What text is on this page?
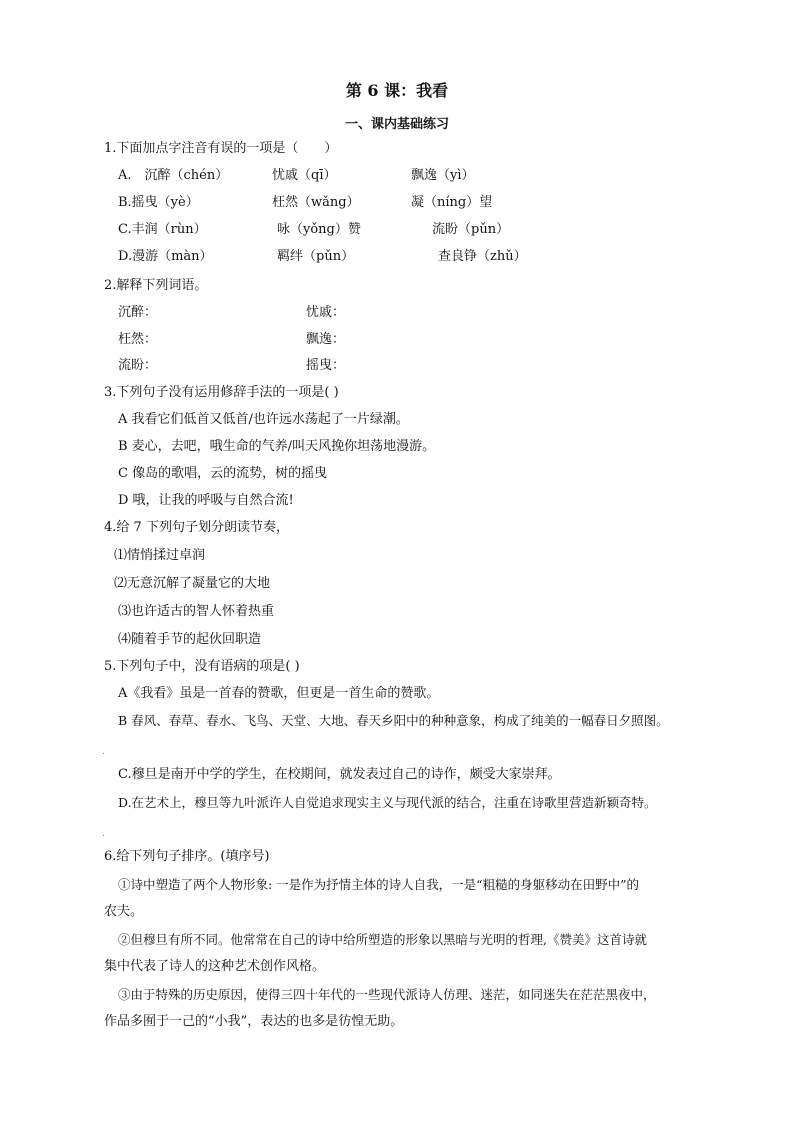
第 6 课：我看
一、课内基础练习
1.下面加点字注音有误的一项是（　　）
A.　沉醉（chén）	忧戚（qī）	飘逸（yì）
B.摇曳（yè）	枉然（wǎng）	凝（níng）望
C.丰润（rùn）	咏（yǒng）赞	流盼（pǔn）
D.漫游（màn）	羁绊（pǔn）	查良铮（zhǔ）
2.解释下列词语。
沉醉：	忧戚：
枉然：	飘逸：
流盼：	摇曳：
3.下列句子没有运用修辞手法的一项是( )
A 我看它们低首又低首/也许远水荡起了一片绿潮。
B 麦心，去吧，哦生命的气养/叫天风挽你坦荡地漫游。
C 像岛的歌唱，云的流势，树的摇曳
D 哦，让我的呼吸与自然合流!
4.给 7 下列句子划分朗读节奏，
⑴情悄揉过卓润
⑵无意沉解了凝量它的大地
⑶也许适古的智人怀着热重
⑷随着手节的起伙回职造
5.下列句子中，没有语病的项是( )
A《我看》虽是一首春的赞歌，但更是一首生命的赞歌。
B 春风、春草、春水、飞鸟、天堂、大地、春天乡阳中的种种意象，构成了纯美的一幅春日夕照图。
.
C.穆旦是南开中学的学生，在校期间，就发表过自己的诗作，颇受大家崇拜。
D.在艺术上，穆旦等九叶派许人自觉追求现实主义与现代派的结合，注重在诗歌里营造新颖奇特。
.
6.给下列句子排序。(填序号)
①诗中塑造了两个人物形象: 一是作为抒情主体的诗人自我，一是“粗糙的身躯移动在田野中”的
农夫。
②但穆旦有所不同。他常常在自己的诗中给所塑造的形象以黑暗与光明的哲理,《赞美》这首诗就
集中代表了诗人的这种艺术创作风格。
③由于特殊的历史原因，使得三四十年代的一些现代派诗人仿理、迷茫，如同迷失在茫茫黑夜中，
作品多囿于一己的“小我”，表达的也多是彷惶无助。
